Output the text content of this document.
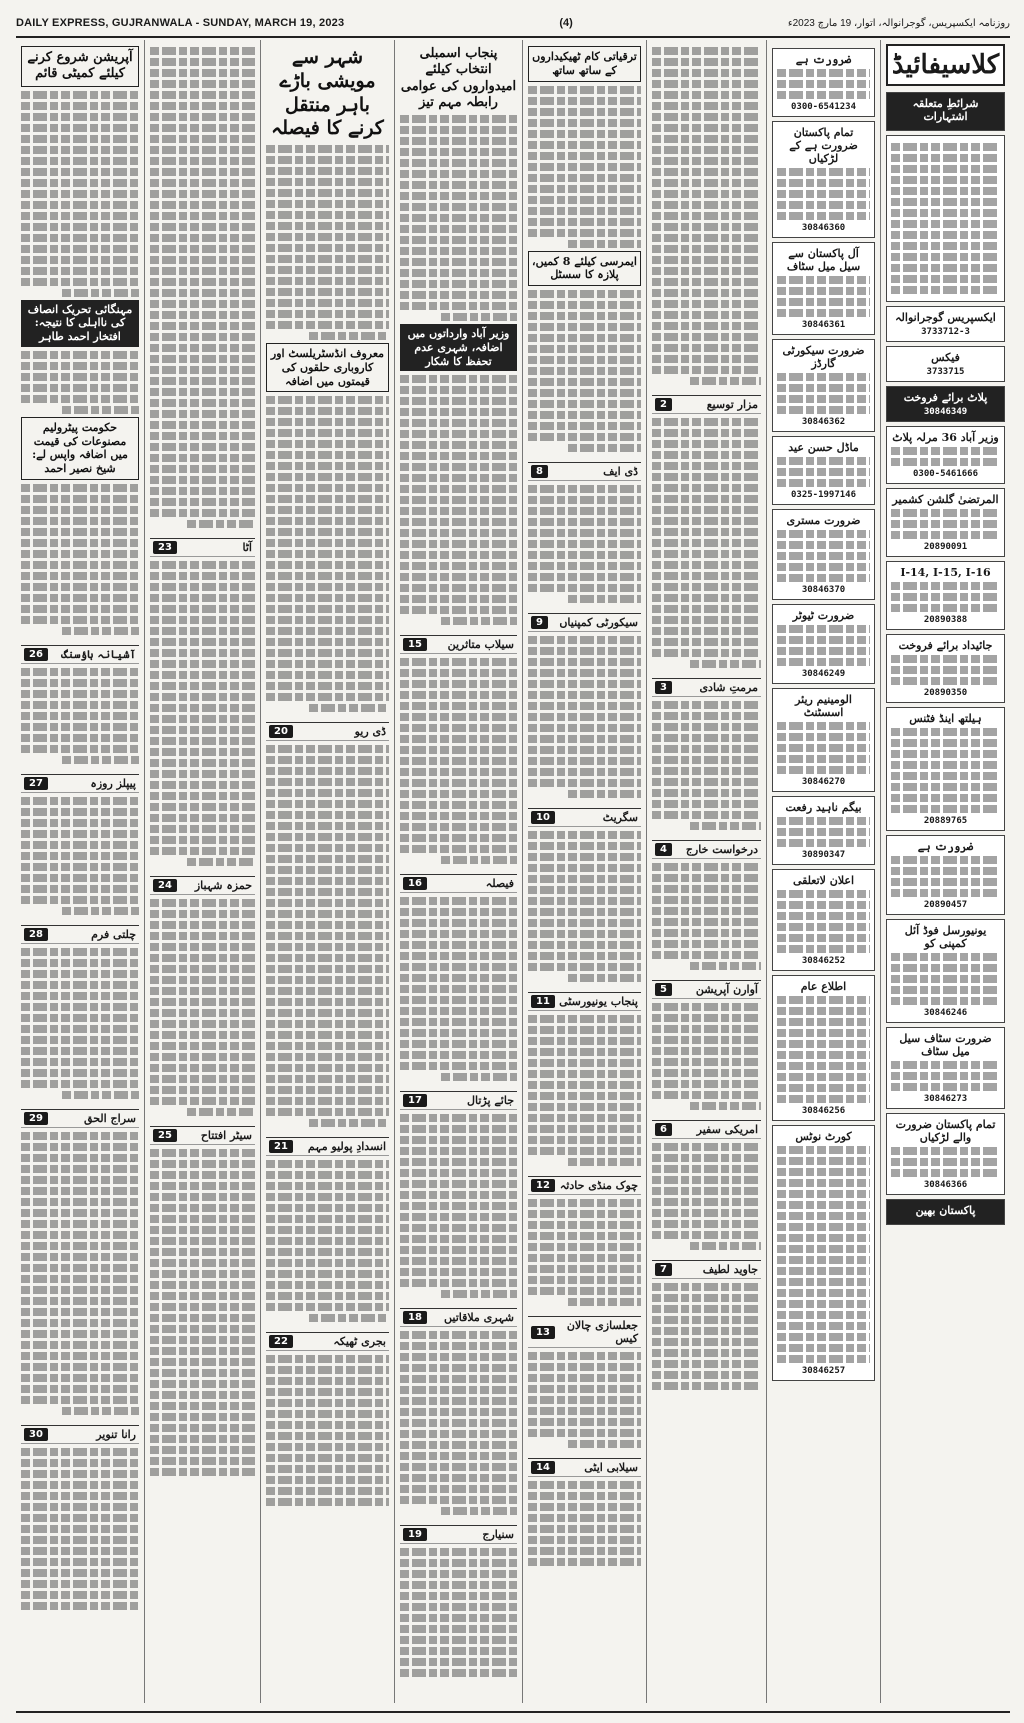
DAILY EXPRESS, GUJRANWALA - SUNDAY, MARCH 19, 2023	(4)	روزنامہ ایکسپریس، گوجرانوالہ، اتوار، 19 مارچ 2023ء
آپریشن شروع کرنے کیلئے کمیٹی قائم
مہنگائی تحریک انصاف کی نااہلی کا نتیجہ: افتخار احمد طاہر
حکومت پیٹرولیم مصنوعات کی قیمت میں اضافہ واپس لے: شیخ نصیر احمد
26	آشیانہ ہاؤسنگ
27	پیپلز روزہ
28	چلتی فرم
29	سراج الحق
30	رانا تنویر
23	آٹا
24	حمزہ شہباز
25	سیٹر افتتاح
شہر سے مویشی باڑے باہر منتقل کرنے کا فیصلہ
معروف انڈسٹریلسٹ اور کاروباری حلقوں کی قیمتوں میں اضافہ
20	ڈی ریو
21	انسدادِ پولیو مہم
22	بجری ٹھیکہ
پنجاب اسمبلی انتخاب کیلئے امیدواروں کی عوامی رابطہ مہم تیز
وزیر آباد وارداتوں میں اضافہ، شہری عدم تحفظ کا شکار
15	سیلاب متاثرین
16	فیصلہ
17	جائے پڑتال
18	شہری ملاقاتیں
19	سنیارج
ترقیاتی کام ٹھیکیداروں کے ساتھ ساتھ
ایمرسی کیلئے 8 کمیں، پلازہ کا سسٹل
8	ڈی ایف
9	سیکورٹی کمپنیاں
10	سگریٹ
11 پنجاب یونیورسٹی
12 چوک منڈی حادثہ
13	جعلسازی چالان کیس
14	سیلابی ایٹی
2	مزار توسیع
3	مرمتِ شادی
4	درخواست خارج
5	آوارن آپریشن
6	امریکی سفیر
7	جاوید لطیف
ضرورت ہے
0300-6541234
تمام پاکستان ضرورت ہے کے لڑکیاں
30846360
آل پاکستان سے سیل میل سٹاف
30846361
ضرورت سیکورٹی گارڈز
30846362
ماڈل حسن عید
0325-1997146
ضرورت مستری
30846370
ضرورت ٹیوٹر
30846249
الومینیم ریئر اسسٹنٹ
30846270
بیگم ناہید رفعت
30890347
اعلان لاتعلقی
30846252
اطلاع عام
30846256
کورٹ نوٹس
30846257
کلاسیفائیڈ
شرائطِ متعلقہ اشتہارات
ایکسپریس گوجرانوالہ
3733712-3
فیکس
3733715
پلاٹ برائے فروخت
30846349
وزیر آباد 36 مرلہ پلاٹ
0300-5461666
المرتضیٰ گلشن کشمیر
20890091
I-14, I-15, I-16
20890388
جائیداد برائے فروخت
20890350
ہیلتھ اینڈ فٹنس
20889765
ضرورت ہے
20890457
یونیورسل فوڈ آئل کمپنی کو
30846246
ضرورت سٹاف سیل میل سٹاف
30846273
تمام پاکستان ضرورت والے لڑکیاں
30846366
پاکستان بھین
